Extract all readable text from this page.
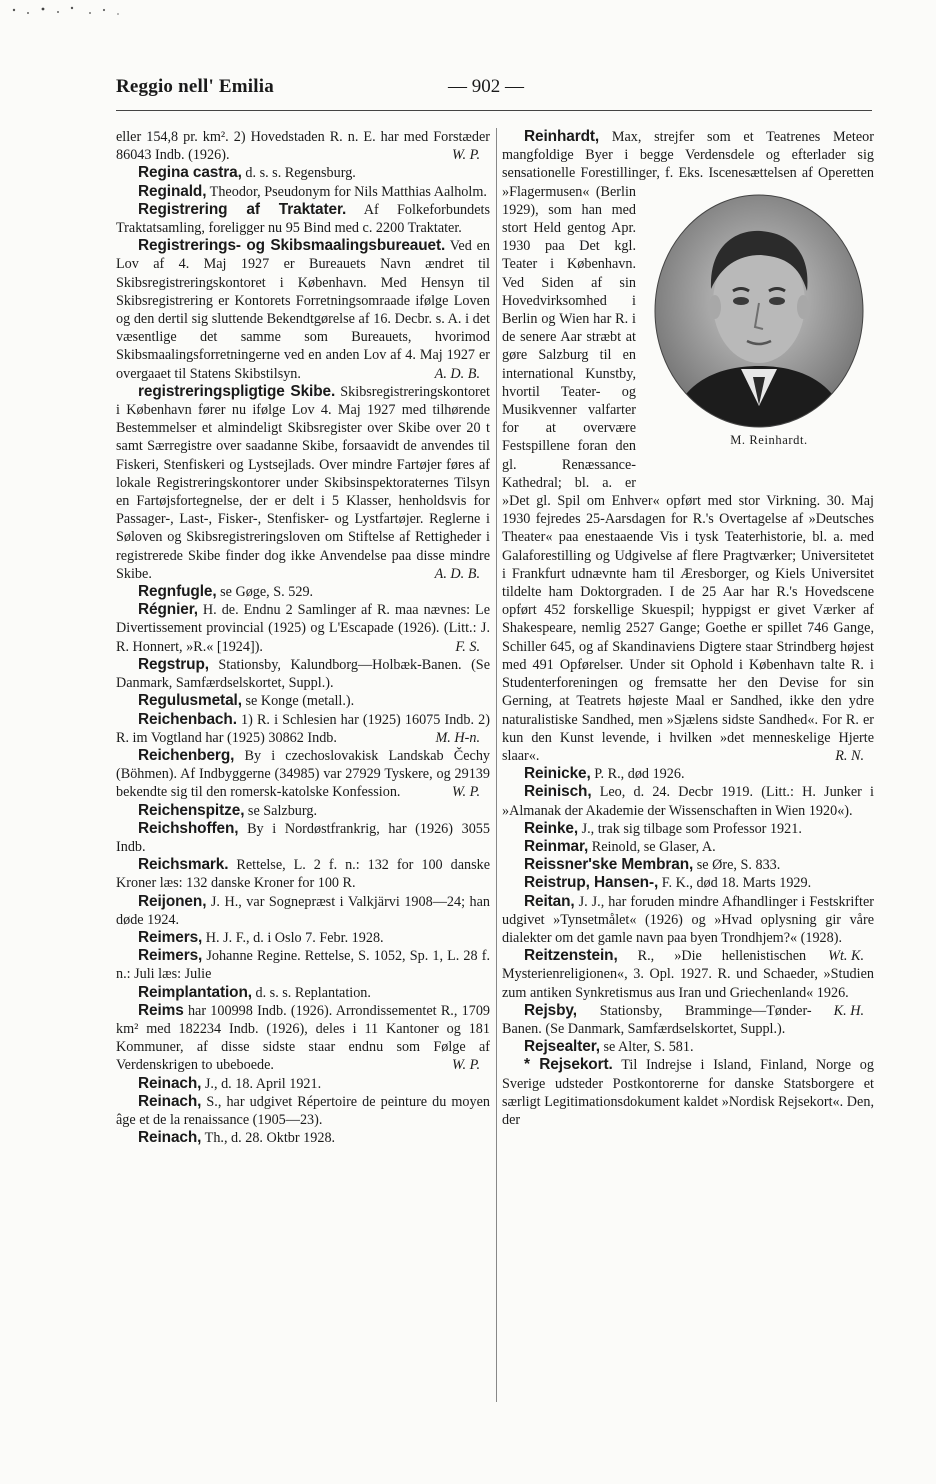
Reggio nell' Emilia	— 902 —

eller 154,8 pr. km². 2) Hovedstaden R. n. E. har med Forstæder 86043 Indb. (1926).	W. P.

Regina castra, d. s. s. Regensburg.

Reginald, Theodor, Pseudonym for Nils Matthias Aalholm.

Registrering af Traktater. Af Folkeforbundets Traktatsamling, foreligger nu 95 Bind med c. 2200 Traktater.

Registrerings- og Skibsmaalingsbureauet. Ved en Lov af 4. Maj 1927 er Bureauets Navn ændret til Skibsregistreringskontoret i København. Med Hensyn til Skibsregistrering er Kontorets Forretningsomraade ifølge Loven og den dertil sig sluttende Bekendtgørelse af 16. Decbr. s. A. i det væsentlige det samme som Bureauets, hvorimod Skibsmaalingsforretningerne ved en anden Lov af 4. Maj 1927 er overgaaet til Statens Skibstilsyn.	A. D. B.

registreringspligtige Skibe. Skibsregistreringskontoret i København fører nu ifølge Lov 4. Maj 1927 med tilhørende Bestemmelser et almindeligt Skibsregister over Skibe over 20 t samt Særregistre over saadanne Skibe, forsaavidt de anvendes til Fiskeri, Stenfiskeri og Lystsejlads. Over mindre Fartøjer føres af lokale Registreringskontorer under Skibsinspektoraternes Tilsyn en Fartøjsfortegnelse, der er delt i 5 Klasser, henholdsvis for Passager-, Last-, Fisker-, Stenfisker- og Lystfartøjer. Reglerne i Søloven og Skibsregistreringsloven om Stiftelse af Rettigheder i registrerede Skibe finder dog ikke Anvendelse paa disse mindre Skibe.	A. D. B.

Regnfugle, se Gøge, S. 529.

Régnier, H. de. Endnu 2 Samlinger af R. maa nævnes: Le Divertissement provincial (1925) og L'Escapade (1926). (Litt.: J. R. Honnert, »R.« [1924]).	F. S.

Regstrup, Stationsby, Kalundborg—Holbæk-Banen. (Se Danmark, Samfærdselskortet, Suppl.).

Regulusmetal, se Konge (metall.).

Reichenbach. 1) R. i Schlesien har (1925) 16075 Indb. 2) R. im Vogtland har (1925) 30862 Indb.	M. H-n.

Reichenberg, By i czechoslovakisk Landskab Čechy (Böhmen). Af Indbyggerne (34985) var 27929 Tyskere, og 29139 bekendte sig til den romersk-katolske Konfession.	W. P.

Reichenspitze, se Salzburg.

Reichshoffen, By i Nordøstfrankrig, har (1926) 3055 Indb.

Reichsmark. Rettelse, L. 2 f. n.: 132 for 100 danske Kroner læs: 132 danske Kroner for 100 R.

Reijonen, J. H., var Sognepræst i Valkjärvi 1908—24; han døde 1924.

Reimers, H. J. F., d. i Oslo 7. Febr. 1928.

Reimers, Johanne Regine. Rettelse, S. 1052, Sp. 1, L. 28 f. n.: Juli læs: Julie

Reimplantation, d. s. s. Replantation.

Reims har 100998 Indb. (1926). Arrondissementet R., 1709 km² med 182234 Indb. (1926), deles i 11 Kantoner og 181 Kommuner, af disse sidste staar endnu som Følge af Verdenskrigen to ubeboede.	W. P.

Reinach, J., d. 18. April 1921.

Reinach, S., har udgivet Répertoire de peinture du moyen âge et de la renaissance (1905—23).

Reinach, Th., d. 28. Oktbr 1928.

Reinhardt, Max, strejfer som et Teatrenes Meteor mangfoldige Byer i begge Verdensdele og efterlader sig sensationelle Forestillinger, f. Eks. Iscenesættelsen af Operetten »Flagermusen«
M. Reinhardt.
(Berlin 1929), som han med stort Held gentog Apr. 1930 paa Det kgl. Teater i København. Ved Siden af sin Hovedvirksomhed i Berlin og Wien har R. i de senere Aar stræbt at gøre Salzburg til en international Kunstby, hvortil Teater- og Musikvenner valfarter for at overvære Festspillene foran den gl. Renæssance-Kathedral; bl. a. er »Det gl. Spil om Enhver« opført med stor Virkning. 30. Maj 1930 fejredes 25-Aarsdagen for R.'s Overtagelse af »Deutsches Theater« paa enestaaende Vis i tysk Teaterhistorie, bl. a. med Galaforestilling og Udgivelse af flere Pragtværker; Universitetet i Frankfurt udnævnte ham til Æresborger, og Kiels Universitet tildelte ham Doktorgraden. I de 25 Aar har R.'s Hovedscene opført 452 forskellige Skuespil; hyppigst er givet Værker af Shakespeare, nemlig 2527 Gange; Goethe er spillet 746 Gange, Schiller 645, og af Skandinaviens Digtere staar Strindberg højest med 491 Opførelser. Under sit Ophold i København talte R. i Studenterforeningen og fremsatte her den Devise for sin Gerning, at Teatrets højeste Maal er Sandhed, ikke den ydre naturalistiske Sandhed, men »Sjælens sidste Sandhed«. For R. er kun den Kunst levende, i hvilken »det menneskelige Hjerte slaar«.	R. N.

Reinicke, P. R., død 1926.

Reinisch, Leo, d. 24. Decbr 1919. (Litt.: H. Junker i »Almanak der Akademie der Wissenschaften in Wien 1920«).

Reinke, J., trak sig tilbage som Professor 1921.

Reinmar, Reinold, se Glaser, A.

Reissner'ske Membran, se Øre, S. 833.

Reistrup, Hansen-, F. K., død 18. Marts 1929.

Reitan, J. J., har foruden mindre Afhandlinger i Festskrifter udgivet »Tynsetmålet« (1926) og »Hvad oplysning gir våre dialekter om det gamle navn paa byen Trondhjem?« (1928).
Wt. K.

Reitzenstein, R., »Die hellenistischen Mysterienreligionen«, 3. Opl. 1927. R. und Schaeder, »Studien zum antiken Synkretismus aus Iran und Griechenland« 1926.
K. H.

Rejsby, Stationsby, Bramminge—Tønder-Banen. (Se Danmark, Samfærdselskortet, Suppl.).

Rejsealter, se Alter, S. 581.

* Rejsekort. Til Indrejse i Island, Finland, Norge og Sverige udsteder Postkontorerne for danske Statsborgere et særligt Legitimationsdokument kaldet »Nordisk Rejsekort«. Den, der
